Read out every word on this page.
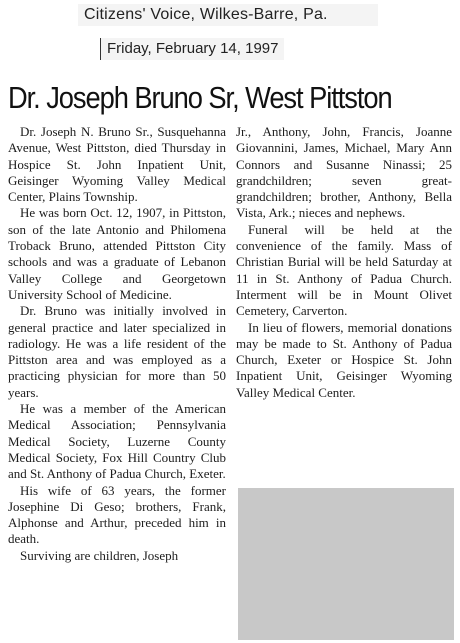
Citizens' Voice, Wilkes-Barre, Pa.
Friday, February 14, 1997
Dr. Joseph Bruno Sr, West Pittston

Dr. Joseph N. Bruno Sr., Susquehanna Avenue, West Pittston, died Thursday in Hospice St. John Inpatient Unit, Geisinger Wyoming Valley Medical Center, Plains Township.

He was born Oct. 12, 1907, in Pittston, son of the late Antonio and Philomena Troback Bruno, attended Pittston City schools and was a graduate of Lebanon Valley College and Georgetown University School of Medicine.

Dr. Bruno was initially involved in general practice and later specialized in radiology. He was a life resident of the Pittston area and was employed as a practicing physician for more than 50 years.

He was a member of the American Medical Association; Pennsylvania Medical Society, Luzerne County Medical Society, Fox Hill Country Club and St. Anthony of Padua Church, Exeter.

His wife of 63 years, the former Josephine Di Geso; brothers, Frank, Alphonse and Arthur, preceded him in death.

Surviving are children, Joseph

Jr., Anthony, John, Francis, Joanne Giovannini, James, Michael, Mary Ann Connors and Susanne Ninassi; 25 grandchildren; seven great-grandchildren; brother, Anthony, Bella Vista, Ark.; nieces and nephews.

Funeral will be held at the convenience of the family. Mass of Christian Burial will be held Saturday at 11 in St. Anthony of Padua Church. Interment will be in Mount Olivet Cemetery, Carverton.

In lieu of flowers, memorial donations may be made to St. Anthony of Padua Church, Exeter or Hospice St. John Inpatient Unit, Geisinger Wyoming Valley Medical Center.
